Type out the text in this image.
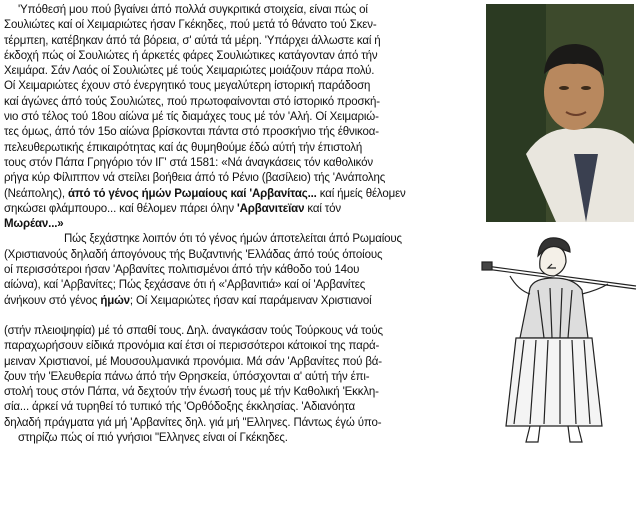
'Υπόθεσή μου πού βγαίνει άπό πολλά συγκριτικά στοιχεία, είναι πώς οί
Σουλιώτες καί οί Χειμαριώτες ήσαν Γκέκηδες, πού μετά τό θάνατο τού Σκεν-
τέρμπεη, κατέβηκαν άπό τά βόρεια, σ' αύτά τά μέρη. 'Υπάρχει άλλωστε καί ή
έκδοχή πώς οί Σουλιώτες ή άρκετές φάρες Σουλιώτικες κατάγονταν άπό τήν
Χειμάρα. Σάν Λαός οί Σουλιώτες μέ τούς Χειμαριώτες μοιάζουν πάρα πολύ.
Οί Χειμαριώτες έχουν στό ένεργητικό τους μεγαλύτερη ίστορική παράδοση
καί άγώνες άπό τούς Σουλιώτες, πού πρωτοφαίνονται στό ίστορικό προσκή-
νιο στό τέλος τού 18ου αίώνα μέ τίς διαμάχες τους μέ τόν 'Αλή. Οί Χειμαριώ-
τες όμως, άπό τόν 15ο αίώνα βρίσκονται πάντα στό προσκήνιο τής έθνικοα-
πελευθερωτικής έπικαιρότητας καί άς θυμηθούμε έδώ αύτή τήν έπιστολή
τους στόν Πάπα Γρηγόριο τόν ΙΓ' στά 1581: «Νά άναγκάσεις τόν καθολικόν
ρήγα κύρ Φίλιππον νά στείλει βοήθεια άπό τό Ρένιο (βασίλειο) τής 'Ανάπολης
(Νεάπολης), άπό τό γένος ήμών Ρωμαίους καί 'Αρβανίτας... καί ήμείς θέλομεν
σηκώσει φλάμπουρο... καί θέλομεν πάρει όλην 'Αρβανιτεϊαν καί τόν
Μωρέαν...»
Πώς ξεχάστηκε λοιπόν ότι τό γένος ήμών άποτελείται άπό Ρωμαίους
(Χριστιανούς δηλαδή άπογόνους τής Βυζαντινής 'Ελλάδας άπό τούς όποίους
οί περισσότεροι ήσαν 'Αρβανίτες πολιτισμένοι άπό τήν κάθοδο τού 14ου
αίώνα), καί 'Αρβανίτες; Πώς ξεχάσανε ότι ή «'Αρβανιτιά» καί οί 'Αρβανίτες
άνήκουν στό γένος ήμών; Οί Χειμαριώτες ήσαν καί παράμειναν Χριστιανοί
(στήν πλειοψηφία) μέ τό σπαθί τους. Δηλ. άναγκάσαν τούς Τούρκους νά τούς
παραχωρήσουν είδικά προνόμια καί έτσι οί περισσότεροι κάτοικοί της παρά-
μειναν Χριστιανοί, μέ Μουσουλμανικά προνόμια. Μά σάν 'Αρβανίτες πού βά-
ζουν τήν 'Ελευθερία πάνω άπό τήν Θρησκεία, ύπόσχονται α' αύτή τήν έπι-
στολή τους στόν Πάπα, νά δεχτούν τήν ένωσή τους μέ τήν Καθολική 'Εκκλη-
σία... άρκεί νά τυρηθεί τό τυπικό τής 'Ορθόδοξης έκκλησίας. 'Αδιανόητα
δηλαδή πράγματα γιά μή 'Αρβανίτες δηλ. γιά μή "Ελληνες. Πάντως έγώ ύπο-
στηρίζω πώς οί πιό γνήσιοι "Ελληνες είναι οί Γκέκηδες.
